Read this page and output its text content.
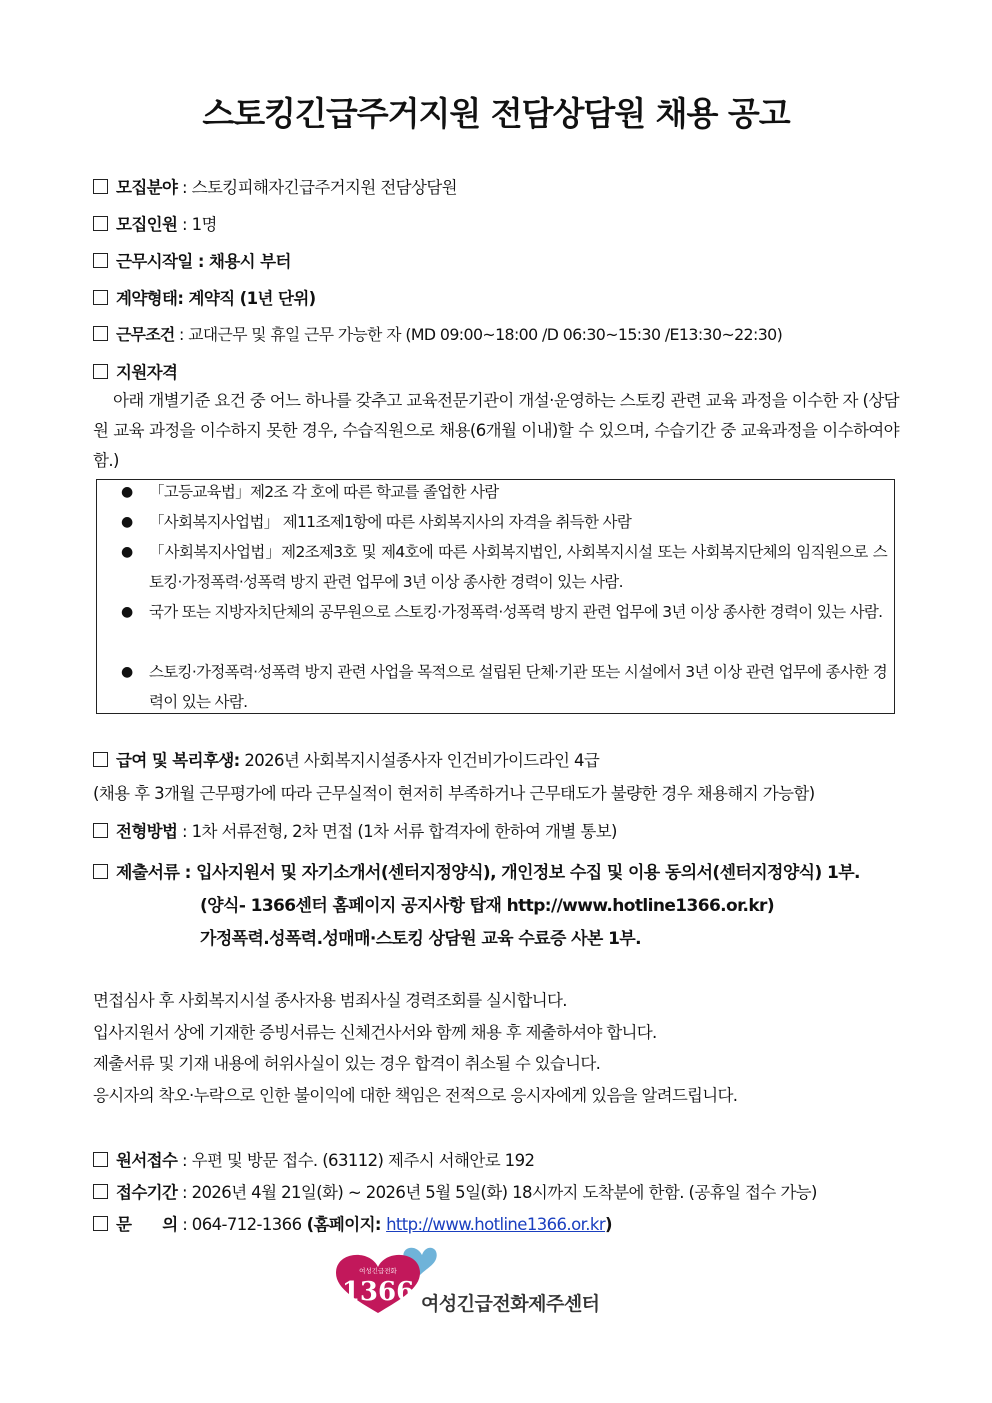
스토킹긴급주거지원 전담상담원 채용 공고
모집분야 : 스토킹피해자긴급주거지원 전담상담원
모집인원 : 1명
근무시작일 : 채용시 부터
계약형태: 계약직 (1년 단위)
근무조건 : 교대근무 및 휴일 근무 가능한 자 (MD 09:00~18:00 /D 06:30~15:30 /E13:30~22:30)
지원자격
아래 개별기준 요건 중 어느 하나를 갖추고 교육전문기관이 개설·운영하는 스토킹 관련 교육 과정을 이수한 자 (상담원 교육 과정을 이수하지 못한 경우, 수습직원으로 채용(6개월 이내)할 수 있으며, 수습기간 중 교육과정을 이수하여야 함.)
● 「고등교육법」제2조 각 호에 따른 학교를 졸업한 사람
● 「사회복지사업법」 제11조제1항에 따른 사회복지사의 자격을 취득한 사람
● 「사회복지사업법」제2조제3호 및 제4호에 따른 사회복지법인, 사회복지시설 또는 사회복지단체의 임직원으로 스토킹·가정폭력·성폭력 방지 관련 업무에 3년 이상 종사한 경력이 있는 사람.
● 국가 또는 지방자치단체의 공무원으로 스토킹·가정폭력·성폭력 방지 관련 업무에 3년 이상 종사한 경력이 있는 사람.
● 스토킹·가정폭력·성폭력 방지 관련 사업을 목적으로 설립된 단체·기관 또는 시설에서 3년 이상 관련 업무에 종사한 경력이 있는 사람.
급여 및 복리후생: 2026년 사회복지시설종사자 인건비가이드라인 4급
(채용 후 3개월 근무평가에 따라 근무실적이 현저히 부족하거나 근무태도가 불량한 경우 채용해지 가능함)
전형방법 : 1차 서류전형, 2차 면접 (1차 서류 합격자에 한하여 개별 통보)
제출서류 : 입사지원서 및 자기소개서(센터지정양식), 개인정보 수집 및 이용 동의서(센터지정양식) 1부.
(양식- 1366센터 홈페이지 공지사항 탑재 http://www.hotline1366.or.kr)
가정폭력.성폭력.성매매·스토킹 상담원 교육 수료증 사본 1부.
면접심사 후 사회복지시설 종사자용 범죄사실 경력조회를 실시합니다.
입사지원서 상에 기재한 증빙서류는 신체건사서와 함께 채용 후 제출하셔야 합니다.
제출서류 및 기재 내용에 허위사실이 있는 경우 합격이 취소될 수 있습니다.
응시자의 착오·누락으로 인한 불이익에 대한 책임은 전적으로 응시자에게 있음을 알려드립니다.
원서접수 : 우편 및 방문 접수. (63112) 제주시 서해안로 192
접수기간 : 2026년 4월 21일(화) ~ 2026년 5월 5일(화) 18시까지 도착분에 한함. (공휴일 접수 가능)
문      의 : 064-712-1366 (홈페이지: http://www.hotline1366.or.kr)
여성긴급전화
1366 여성긴급전화제주센터
